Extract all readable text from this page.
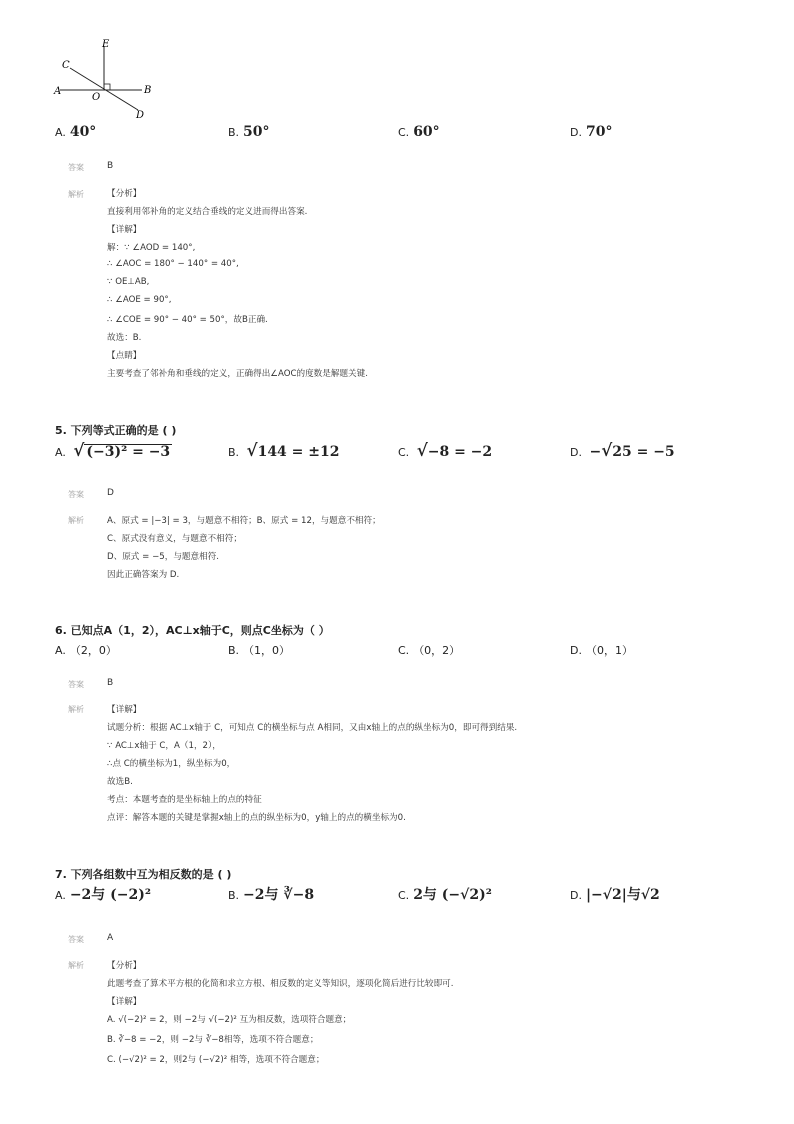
E
C
A
O
B
D
A. 40°	B. 50°	C. 60°	D. 70°
答案	B
解析	【分析】
直接利用邻补角的定义结合垂线的定义进而得出答案.
【详解】
解：∵ ∠AOD = 140°,
∴ ∠AOC = 180° − 140° = 40°,
∵ OE⊥AB,
∴ ∠AOE = 90°,
∴ ∠COE = 90° − 40° = 50°，故B正确.
故选：B.
【点睛】
主要考查了邻补角和垂线的定义，正确得出∠AOC的度数是解题关键.
5. 下列等式正确的是 ( )
A. √ (−3)² = −3	B. √144 = ±12	C. √−8 = −2	D. −√25 = −5
答案	D
解析	A、原式 = |−3| = 3，与题意不相符；B、原式 = 12，与题意不相符；
C、原式没有意义，与题意不相符；
D、原式 = −5，与题意相符.
因此正确答案为 D.
6. 已知点A（1，2），AC⊥x轴于C，则点C坐标为（ ）
A. （2，0）	B. （1，0）	C. （0，2）	D. （0，1）
答案	B
解析	【详解】
试题分析：根据 AC⊥x轴于 C，可知点 C的横坐标与点 A相同，又由x轴上的点的纵坐标为0，即可得到结果.
∵ AC⊥x轴于 C，A（1，2），
∴点 C的横坐标为1，纵坐标为0，
故选B.
考点：本题考查的是坐标轴上的点的特征
点评：解答本题的关键是掌握x轴上的点的纵坐标为0，y轴上的点的横坐标为0.
7. 下列各组数中互为相反数的是 ( )
A. −2与 (−2)²	B. −2与 ∛−8	C. 2与 (−√2)²	D. |−√2|与√2
答案	A
解析	【分析】
此题考查了算术平方根的化简和求立方根、相反数的定义等知识，逐项化简后进行比较即可.
【详解】
A. √(−2)² = 2，则 −2与 √(−2)² 互为相反数，选项符合题意；
B. ∛−8 = −2，则 −2与 ∛−8相等，选项不符合题意；
C. (−√2)² = 2，则2与 (−√2)² 相等，选项不符合题意；
